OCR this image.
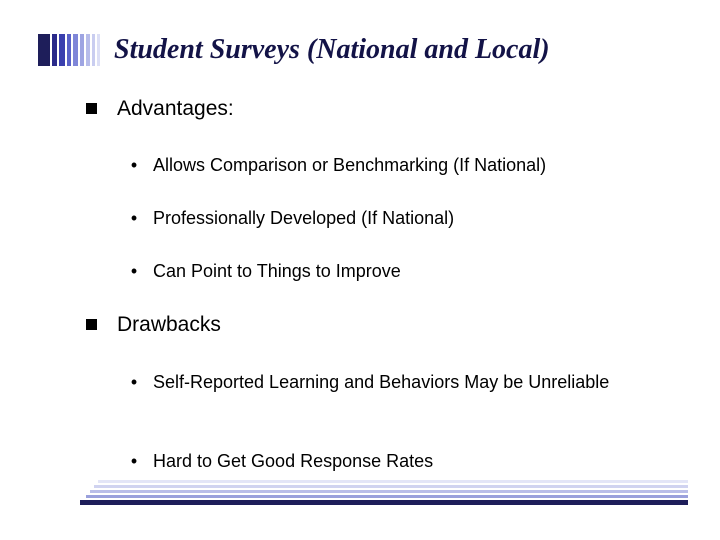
Student Surveys (National and Local)
Advantages:
• Allows Comparison or Benchmarking (If National)
• Professionally Developed (If National)
• Can Point to Things to Improve
Drawbacks
• Self-Reported Learning and Behaviors May be Unreliable
• Hard to Get Good Response Rates
